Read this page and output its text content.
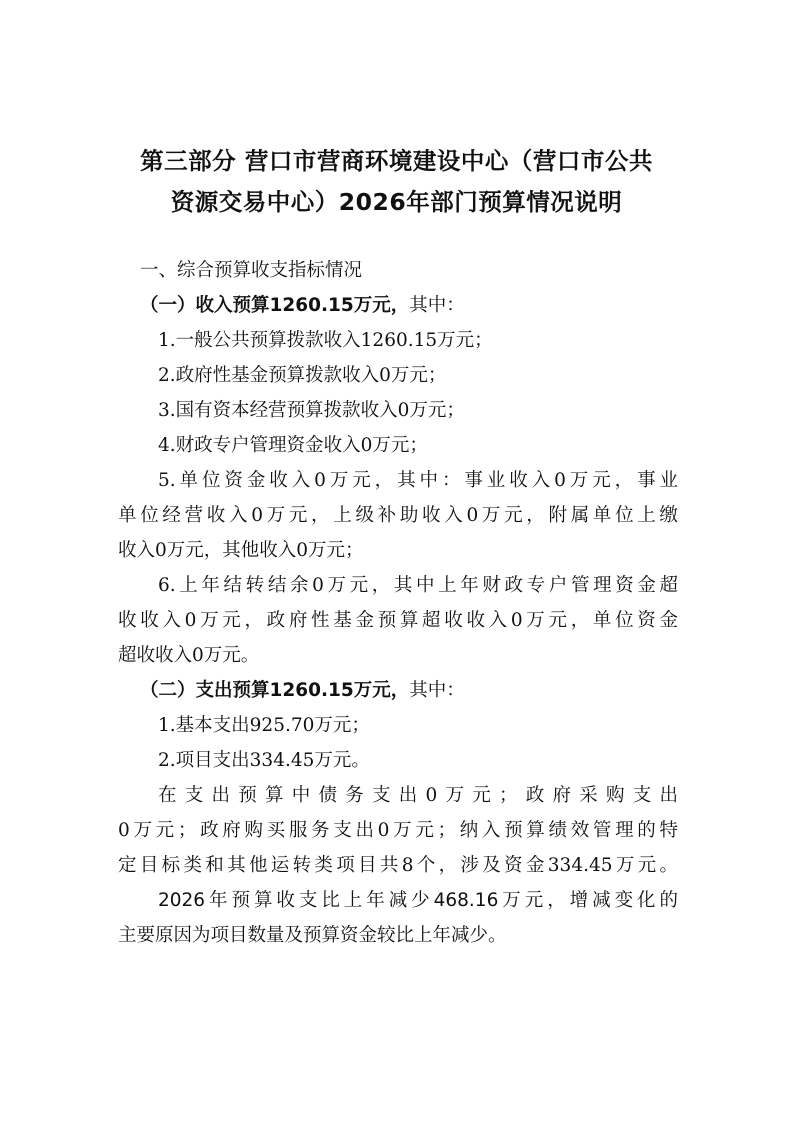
第三部分 营口市营商环境建设中心（营口市公共
资源交易中心）2026年部门预算情况说明
一、综合预算收支指标情况
（一）收入预算1260.15万元，其中：
1.一般公共预算拨款收入1260.15万元；
2.政府性基金预算拨款收入0万元；
3.国有资本经营预算拨款收入0万元；
4.财政专户管理资金收入0万元；
5.单位资金收入0万元，其中：事业收入0万元，事业
单位经营收入0万元，上级补助收入0万元，附属单位上缴
收入0万元，其他收入0万元；
6.上年结转结余0万元，其中上年财政专户管理资金超
收收入0万元，政府性基金预算超收收入0万元，单位资金
超收收入0万元。
（二）支出预算1260.15万元，其中：
1.基本支出925.70万元；
2.项目支出334.45万元。
在支出预算中债务支出0万元；政府采购支出
0万元；政府购买服务支出0万元；纳入预算绩效管理的特
定目标类和其他运转类项目共8个，涉及资金334.45万元。
2026年预算收支比上年减少468.16万元，增减变化的
主要原因为项目数量及预算资金较比上年减少。
